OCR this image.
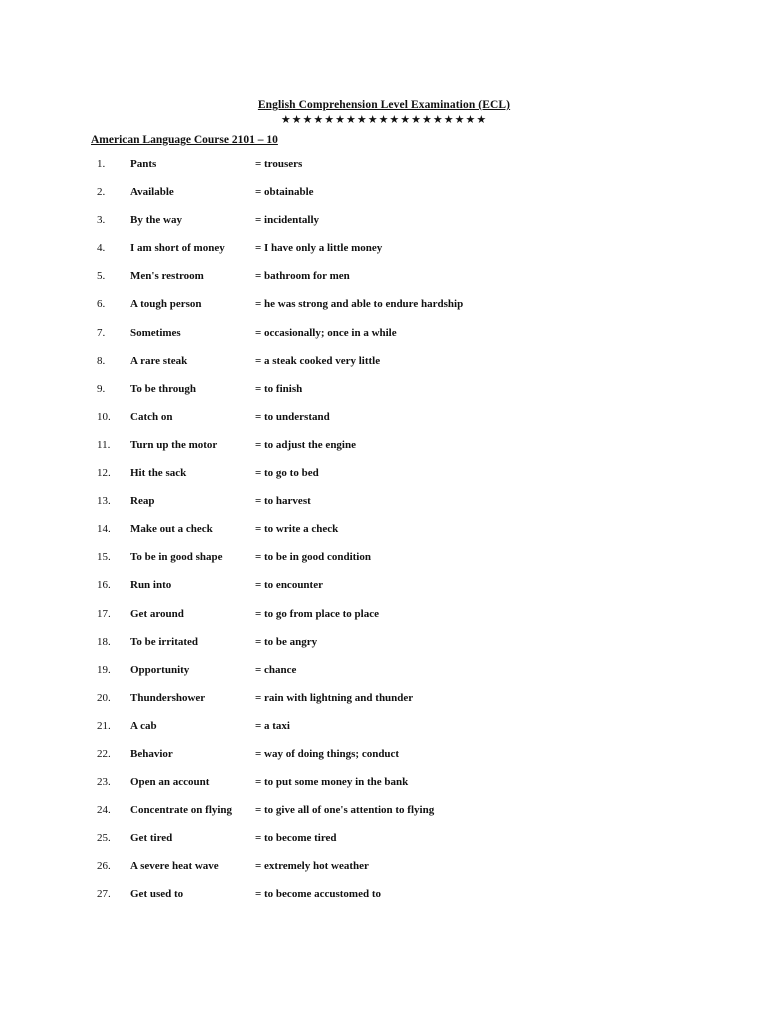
English Comprehension Level Examination (ECL)
★★★★★★★★★★★★★★★★★★★
American Language Course 2101 – 10
1.	Pants	= trousers
2.	Available	= obtainable
3.	By the way	= incidentally
4.	I am short of money	= I have only a little money
5.	Men's restroom	= bathroom for men
6.	A tough person	= he was strong and able to endure hardship
7.	Sometimes	= occasionally; once in a while
8.	A rare steak	= a steak cooked very little
9.	To be through	= to finish
10.	Catch on	= to understand
11.	Turn up the motor	= to adjust the engine
12.	Hit the sack	= to go to bed
13.	Reap	= to harvest
14.	Make out a check	= to write a check
15.	To be in good shape	= to be in good condition
16.	Run into	= to encounter
17.	Get around	= to go from place to place
18.	To be irritated	= to be angry
19.	Opportunity	= chance
20.	Thundershower	= rain with lightning and thunder
21.	A cab	= a taxi
22.	Behavior	= way of doing things; conduct
23.	Open an account	= to put some money in the bank
24.	Concentrate on flying = to give all of one's attention to flying
25.	Get tired	= to become tired
26.	A severe heat wave	= extremely hot weather
27.	Get used to	= to become accustomed to
